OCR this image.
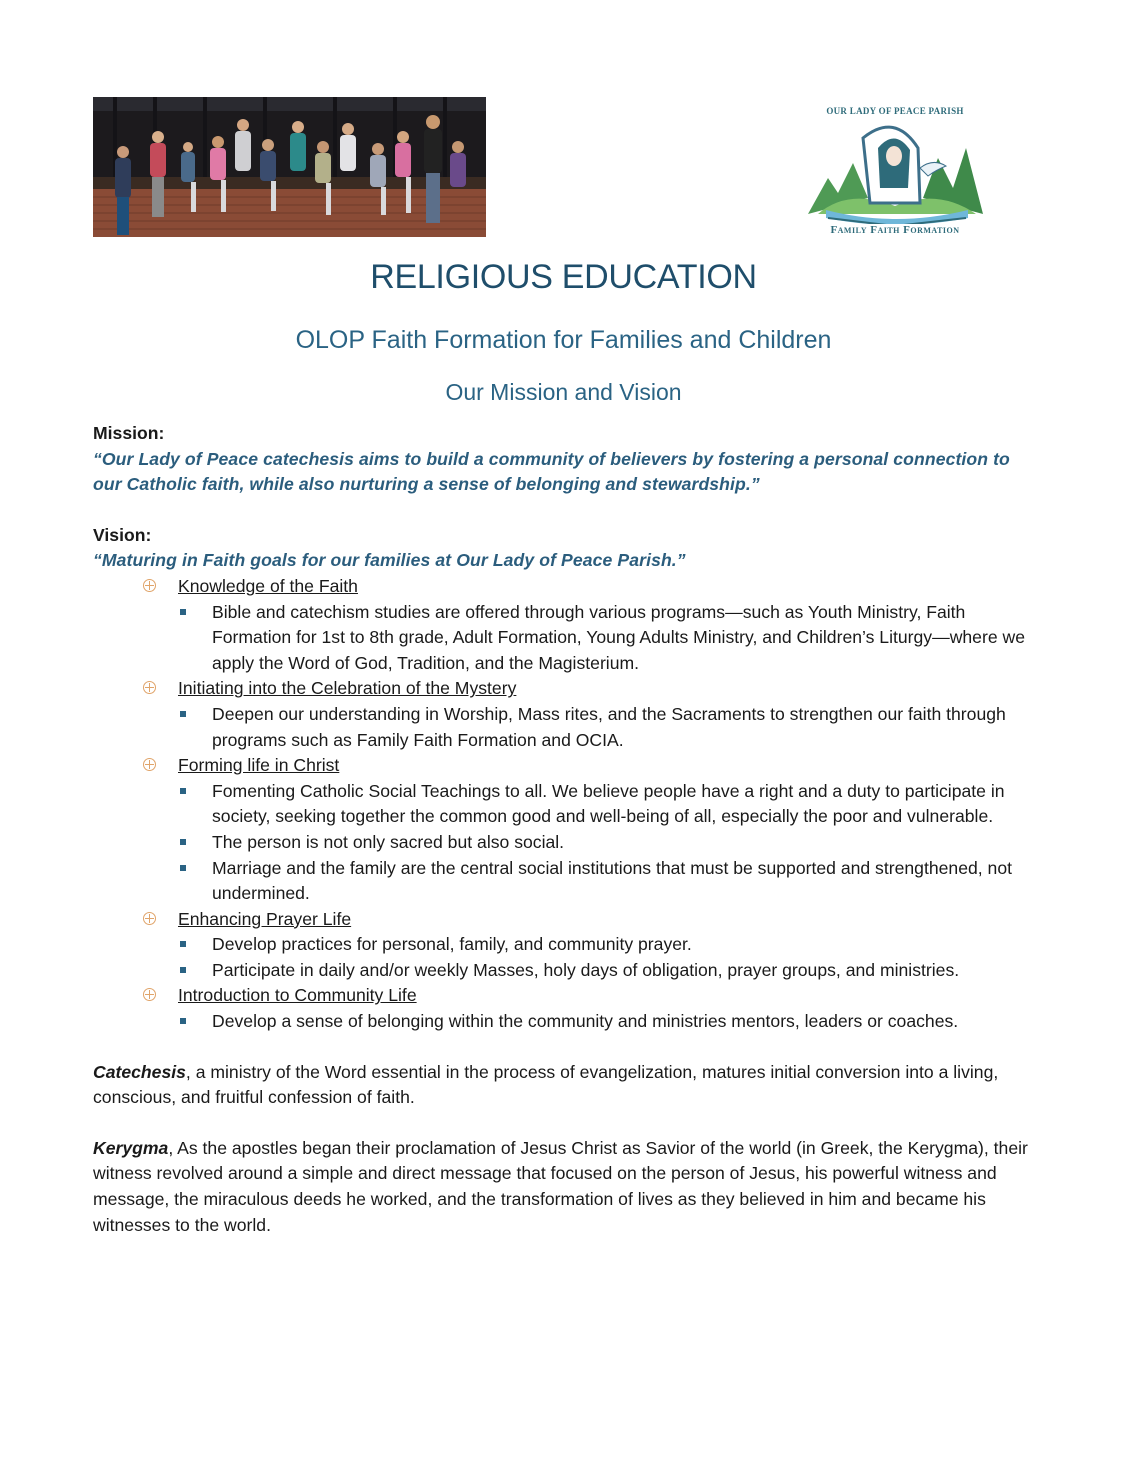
OUR LADY OF PEACE PARISH
Family Faith Formation
RELIGIOUS EDUCATION
OLOP Faith Formation for Families and Children
Our Mission and Vision
Mission:
“Our Lady of Peace catechesis aims to build a community of believers by fostering a personal connection to our Catholic faith, while also nurturing a sense of belonging and stewardship.”
Vision:
“Maturing in Faith goals for our families at Our Lady of Peace Parish.”
Knowledge of the Faith
Bible and catechism studies are offered through various programs—such as Youth Ministry, Faith Formation for 1st to 8th grade, Adult Formation, Young Adults Ministry, and Children’s Liturgy—where we apply the Word of God, Tradition, and the Magisterium.
Initiating into the Celebration of the Mystery
Deepen our understanding in Worship, Mass rites, and the Sacraments to strengthen our faith through programs such as Family Faith Formation and OCIA.
Forming life in Christ
Fomenting Catholic Social Teachings to all. We believe people have a right and a duty to participate in society, seeking together the common good and well-being of all, especially the poor and vulnerable.
The person is not only sacred but also social.
Marriage and the family are the central social institutions that must be supported and strengthened, not undermined.
Enhancing Prayer Life
Develop practices for personal, family, and community prayer.
Participate in daily and/or weekly Masses, holy days of obligation, prayer groups, and ministries.
Introduction to Community Life
Develop a sense of belonging within the community and ministries mentors, leaders or coaches.
Catechesis, a ministry of the Word essential in the process of evangelization, matures initial conversion into a living, conscious, and fruitful confession of faith.
Kerygma, As the apostles began their proclamation of Jesus Christ as Savior of the world (in Greek, the Kerygma), their witness revolved around a simple and direct message that focused on the person of Jesus, his powerful witness and message, the miraculous deeds he worked, and the transformation of lives as they believed in him and became his witnesses to the world.
